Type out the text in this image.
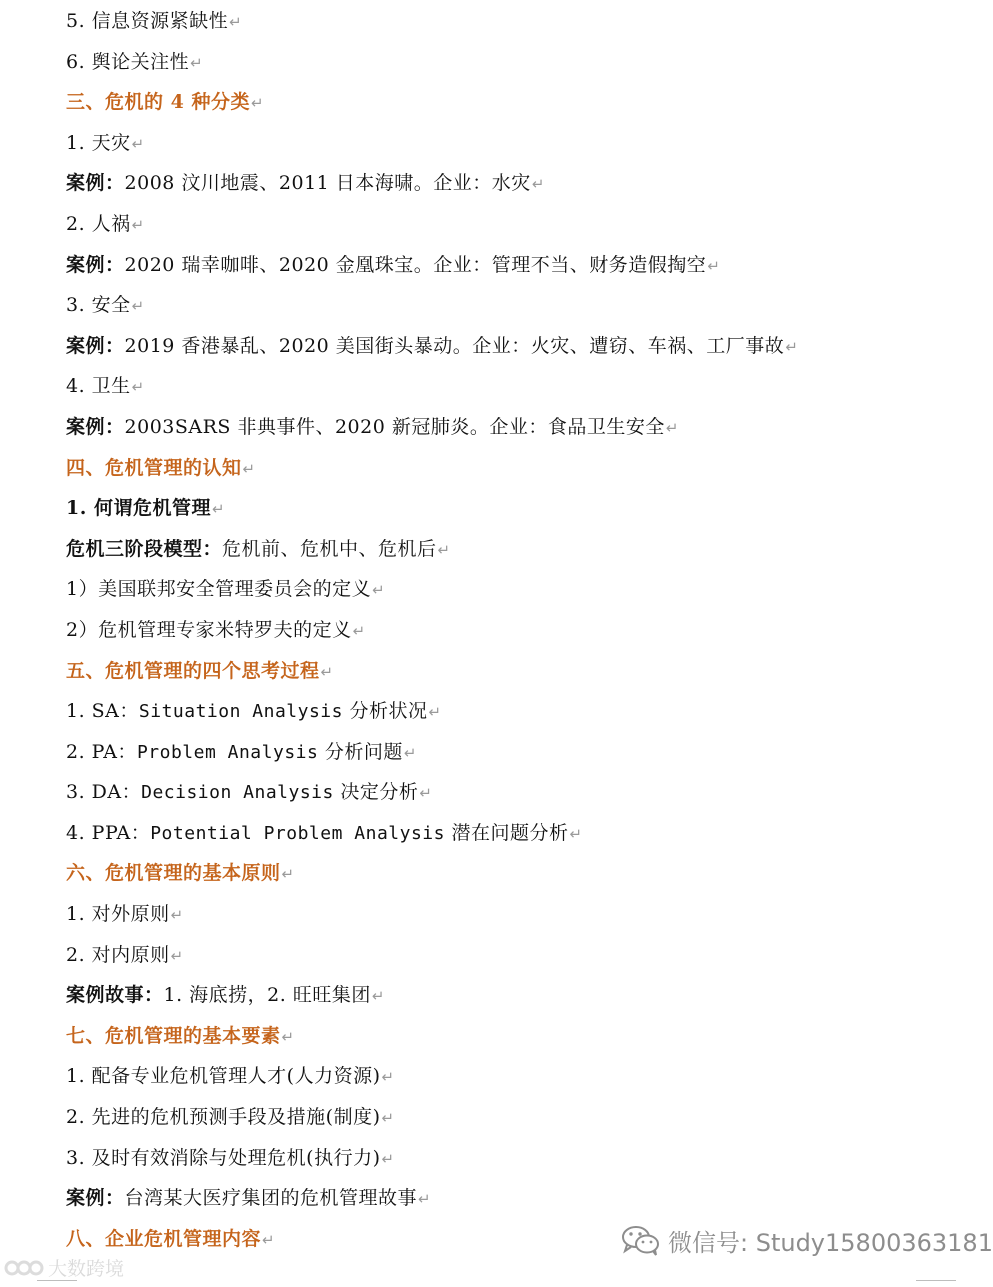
5. 信息资源紧缺性↵
6. 舆论关注性↵
三、危机的 4 种分类↵
1. 天灾↵
案例：2008 汶川地震、2011 日本海啸。企业：水灾↵
2. 人祸↵
案例：2020 瑞幸咖啡、2020 金凰珠宝。企业：管理不当、财务造假掏空↵
3. 安全↵
案例：2019 香港暴乱、2020 美国街头暴动。企业：火灾、遭窃、车祸、工厂事故↵
4. 卫生↵
案例：2003SARS 非典事件、2020 新冠肺炎。企业：食品卫生安全↵
四、危机管理的认知↵
1. 何谓危机管理↵
危机三阶段模型：危机前、危机中、危机后↵
1）美国联邦安全管理委员会的定义↵
2）危机管理专家米特罗夫的定义↵
五、危机管理的四个思考过程↵
1. SA：Situation Analysis 分析状况↵
2. PA：Problem Analysis 分析问题↵
3. DA：Decision Analysis 决定分析↵
4. PPA：Potential Problem Analysis 潜在问题分析↵
六、危机管理的基本原则↵
1. 对外原则↵
2. 对内原则↵
案例故事：1. 海底捞，2. 旺旺集团↵
七、危机管理的基本要素↵
1. 配备专业危机管理人才(人力资源)↵
2. 先进的危机预测手段及措施(制度)↵
3. 及时有效消除与处理危机(执行力)↵
案例：台湾某大医疗集团的危机管理故事↵
八、企业危机管理内容↵
大数跨境
微信号: Study15800363181
